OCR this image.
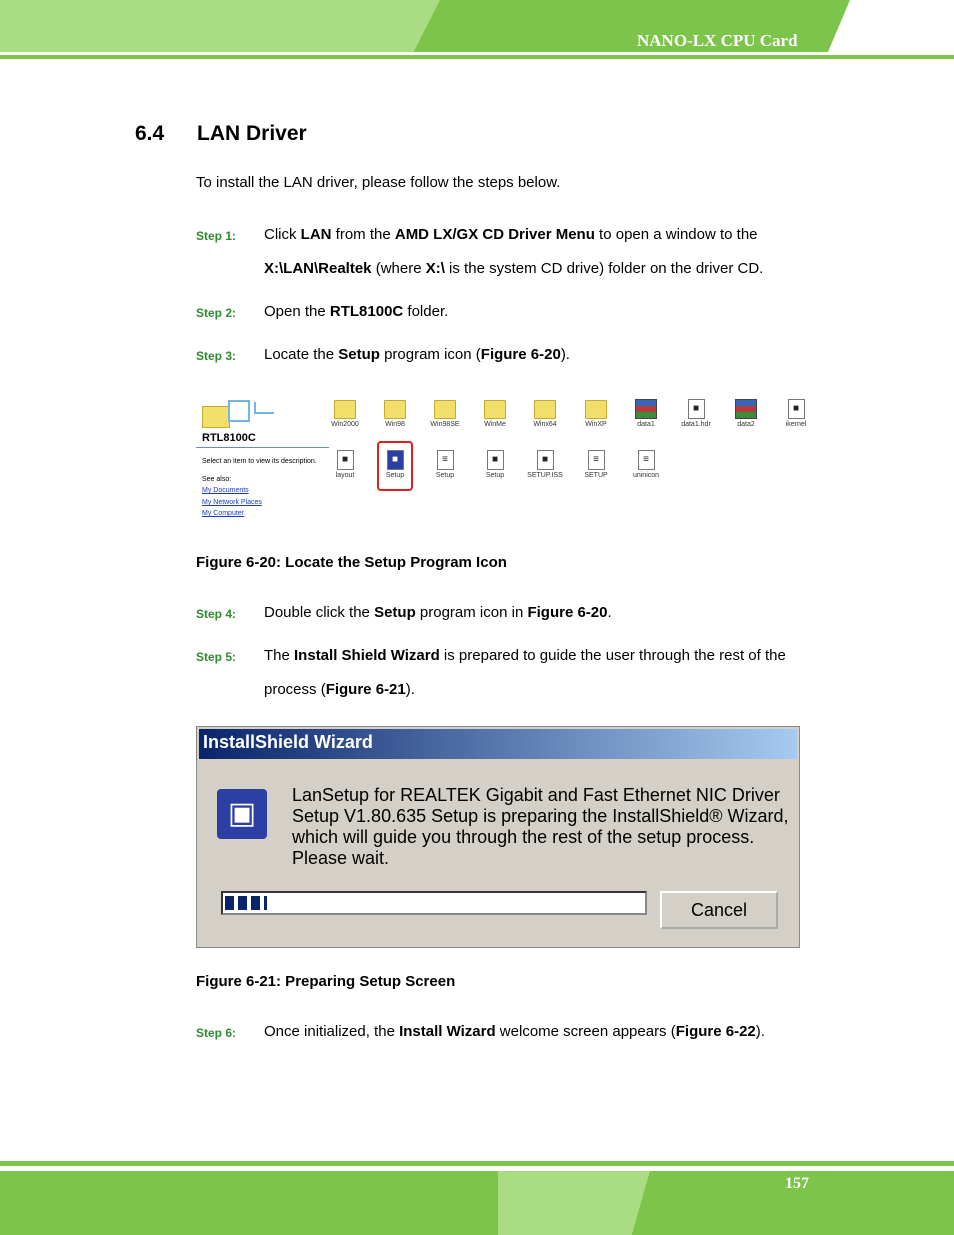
NANO-LX CPU Card
6.4 LAN Driver
To install the LAN driver, please follow the steps below.
Step 1: Click LAN from the AMD LX/GX CD Driver Menu to open a window to the
X:\LAN\Realtek (where X:\ is the system CD drive) folder on the driver CD.
Step 2: Open the RTL8100C folder.
Step 3: Locate the Setup program icon (Figure 6-20).
RTL8100C
Select an item to view its description.
See also:
My Documents
My Network Places
My Computer
Win2000	Win98	Win98SE	WinMe	Winx64	WinXP	data1
■
data1.hdr	data2
■
ikernel
■
layout
■
Setup
≡
Setup
■
Setup
■
SETUP.ISS
≡
SETUP
≡
uninicon
Figure 6-20: Locate the Setup Program Icon
Step 4: Double click the Setup program icon in Figure 6-20.
Step 5: The Install Shield Wizard is prepared to guide the user through the rest of the
process (Figure 6-21).
InstallShield Wizard
▣
LanSetup for REALTEK Gigabit and Fast Ethernet NIC Driver Setup V1.80.635 Setup is preparing the InstallShield® Wizard, which will guide you through the rest of the setup process. Please wait.
Cancel
Figure 6-21: Preparing Setup Screen
Step 6: Once initialized, the Install Wizard welcome screen appears (Figure 6-22).
157
